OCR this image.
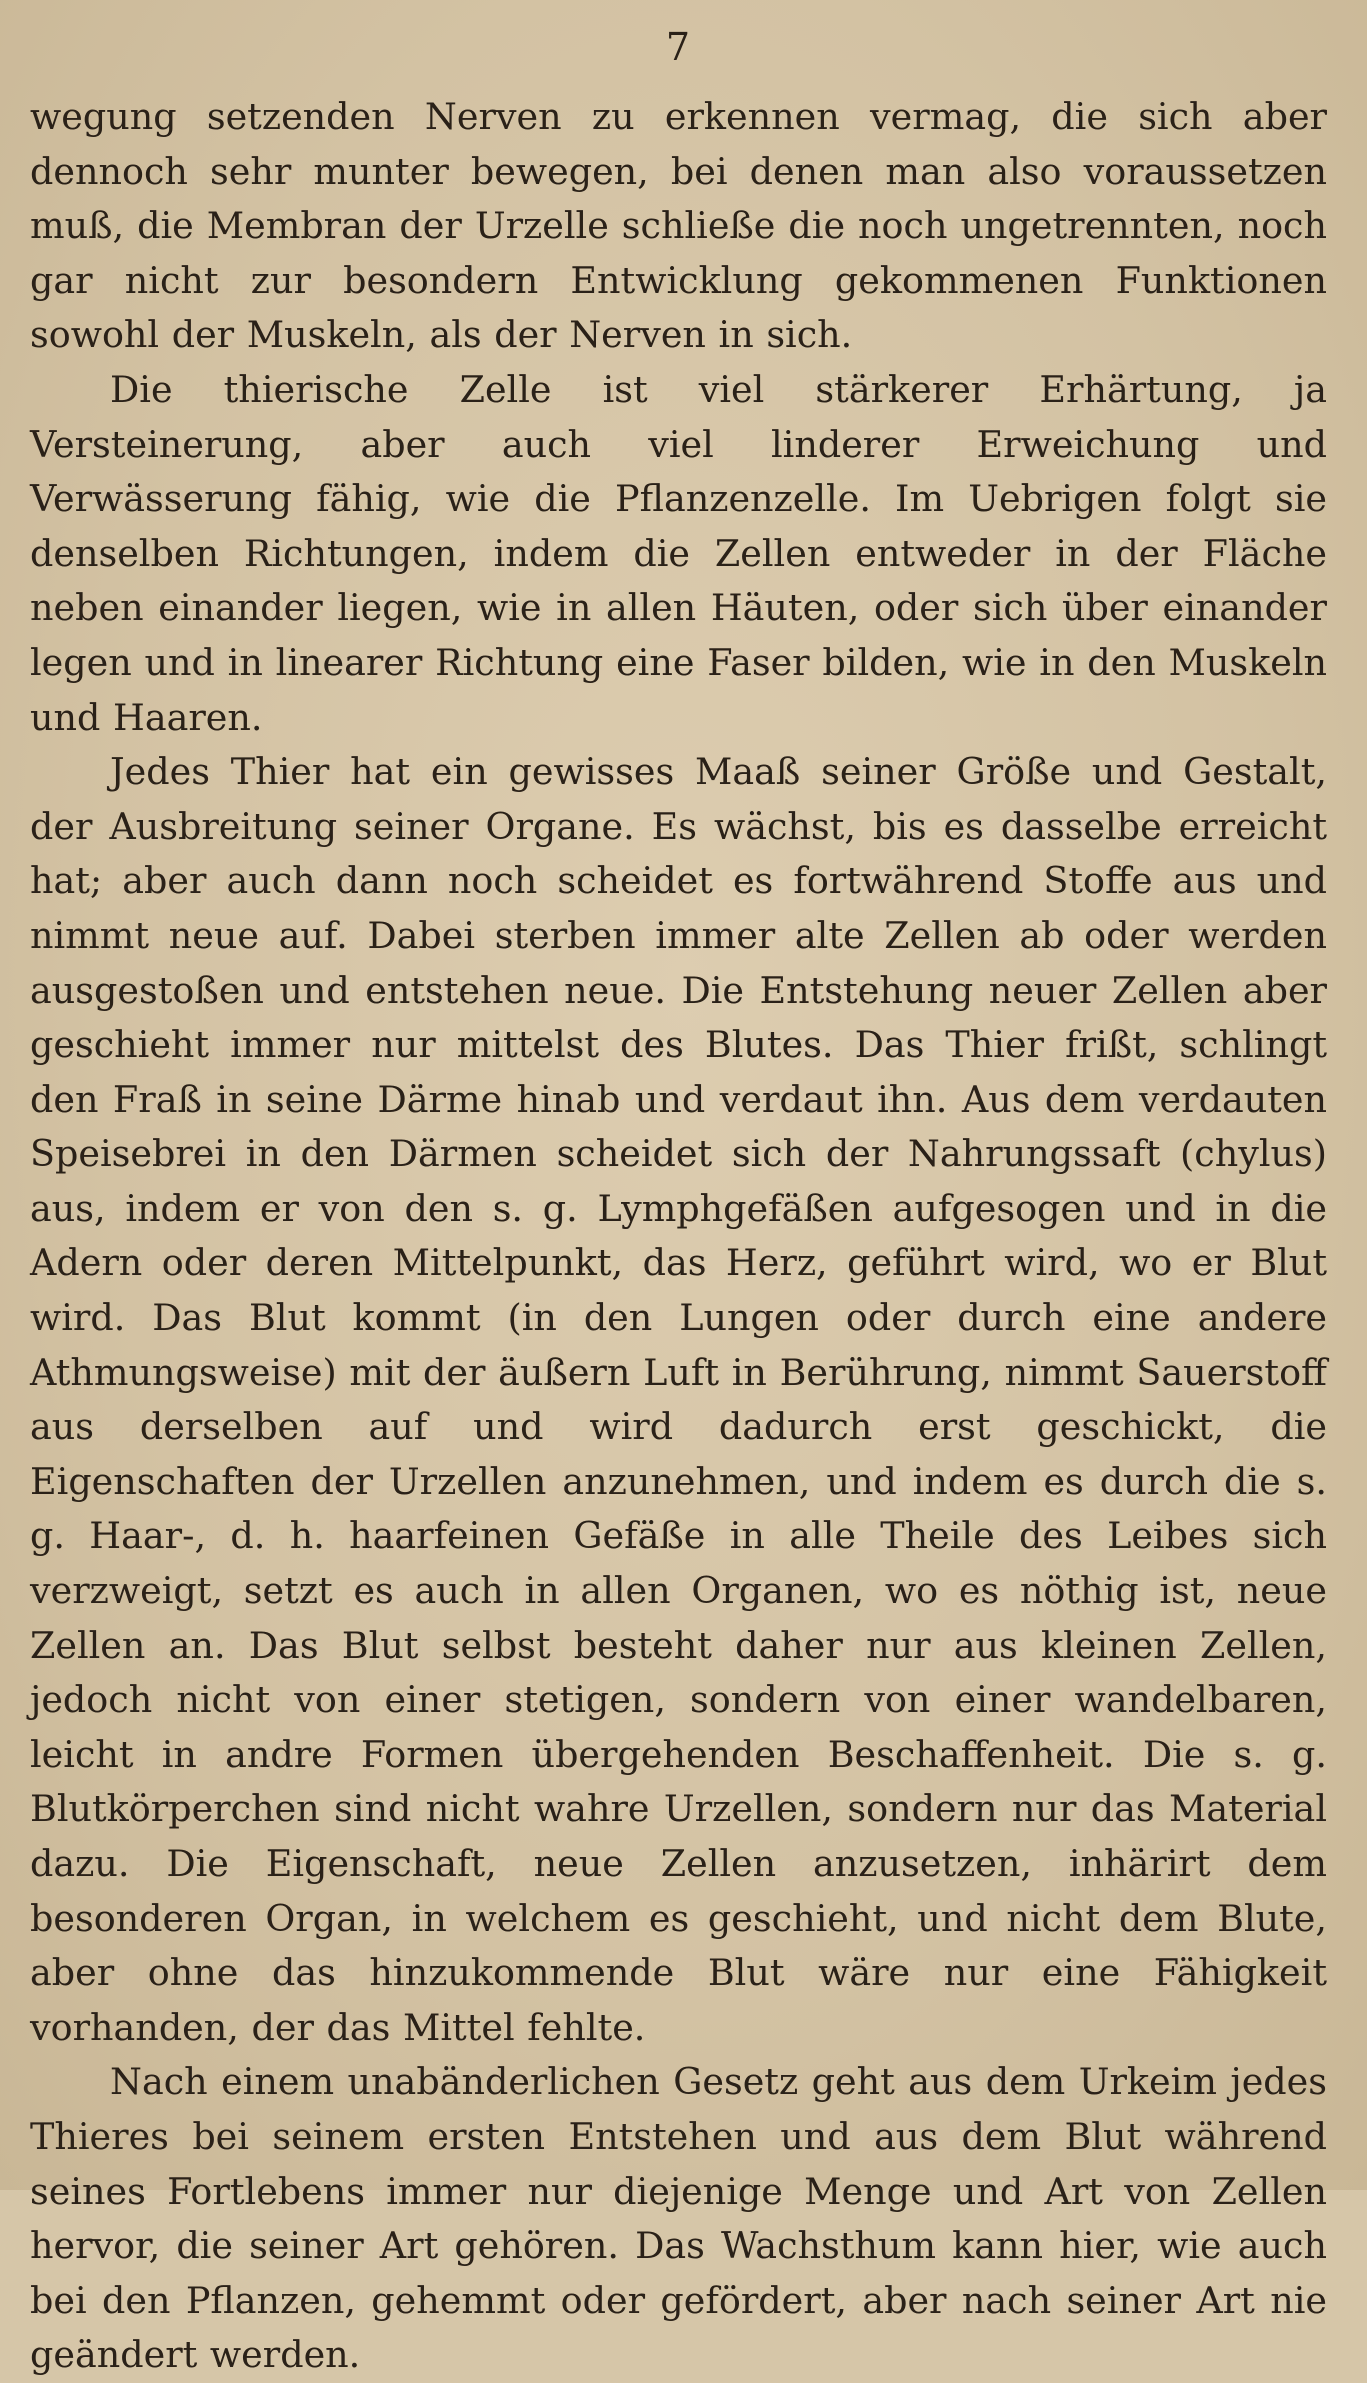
7

wegung setzenden Nerven zu erkennen vermag, die sich aber dennoch sehr munter bewegen, bei denen man also voraussetzen muß, die Membran der Urzelle schließe die noch ungetrennten, noch gar nicht zur besondern Entwicklung gekommenen Funktionen sowohl der Muskeln, als der Nerven in sich.

Die thierische Zelle ist viel stärkerer Erhärtung, ja Versteinerung, aber auch viel linderer Erweichung und Verwässerung fähig, wie die Pflanzenzelle. Im Uebrigen folgt sie denselben Richtungen, indem die Zellen entweder in der Fläche neben einander liegen, wie in allen Häuten, oder sich über einander legen und in linearer Richtung eine Faser bilden, wie in den Muskeln und Haaren.

Jedes Thier hat ein gewisses Maaß seiner Größe und Gestalt, der Ausbreitung seiner Organe. Es wächst, bis es dasselbe erreicht hat; aber auch dann noch scheidet es fortwährend Stoffe aus und nimmt neue auf. Dabei sterben immer alte Zellen ab oder werden ausgestoßen und entstehen neue. Die Entstehung neuer Zellen aber geschieht immer nur mittelst des Blutes. Das Thier frißt, schlingt den Fraß in seine Därme hinab und verdaut ihn. Aus dem verdauten Speisebrei in den Därmen scheidet sich der Nahrungssaft (chylus) aus, indem er von den s. g. Lymphgefäßen aufgesogen und in die Adern oder deren Mittelpunkt, das Herz, geführt wird, wo er Blut wird. Das Blut kommt (in den Lungen oder durch eine andere Athmungsweise) mit der äußern Luft in Berührung, nimmt Sauerstoff aus derselben auf und wird dadurch erst geschickt, die Eigenschaften der Urzellen anzunehmen, und indem es durch die s. g. Haar-, d. h. haarfeinen Gefäße in alle Theile des Leibes sich verzweigt, setzt es auch in allen Organen, wo es nöthig ist, neue Zellen an. Das Blut selbst besteht daher nur aus kleinen Zellen, jedoch nicht von einer stetigen, sondern von einer wandelbaren, leicht in andre Formen übergehenden Beschaffenheit. Die s. g. Blutkörperchen sind nicht wahre Urzellen, sondern nur das Material dazu. Die Eigenschaft, neue Zellen anzusetzen, inhärirt dem besonderen Organ, in welchem es geschieht, und nicht dem Blute, aber ohne das hinzukommende Blut wäre nur eine Fähigkeit vorhanden, der das Mittel fehlte.

Nach einem unabänderlichen Gesetz geht aus dem Urkeim jedes Thieres bei seinem ersten Entstehen und aus dem Blut während seines Fortlebens immer nur diejenige Menge und Art von Zellen hervor, die seiner Art gehören. Das Wachsthum kann hier, wie auch bei den Pflanzen, gehemmt oder gefördert, aber nach seiner Art nie geändert werden.
